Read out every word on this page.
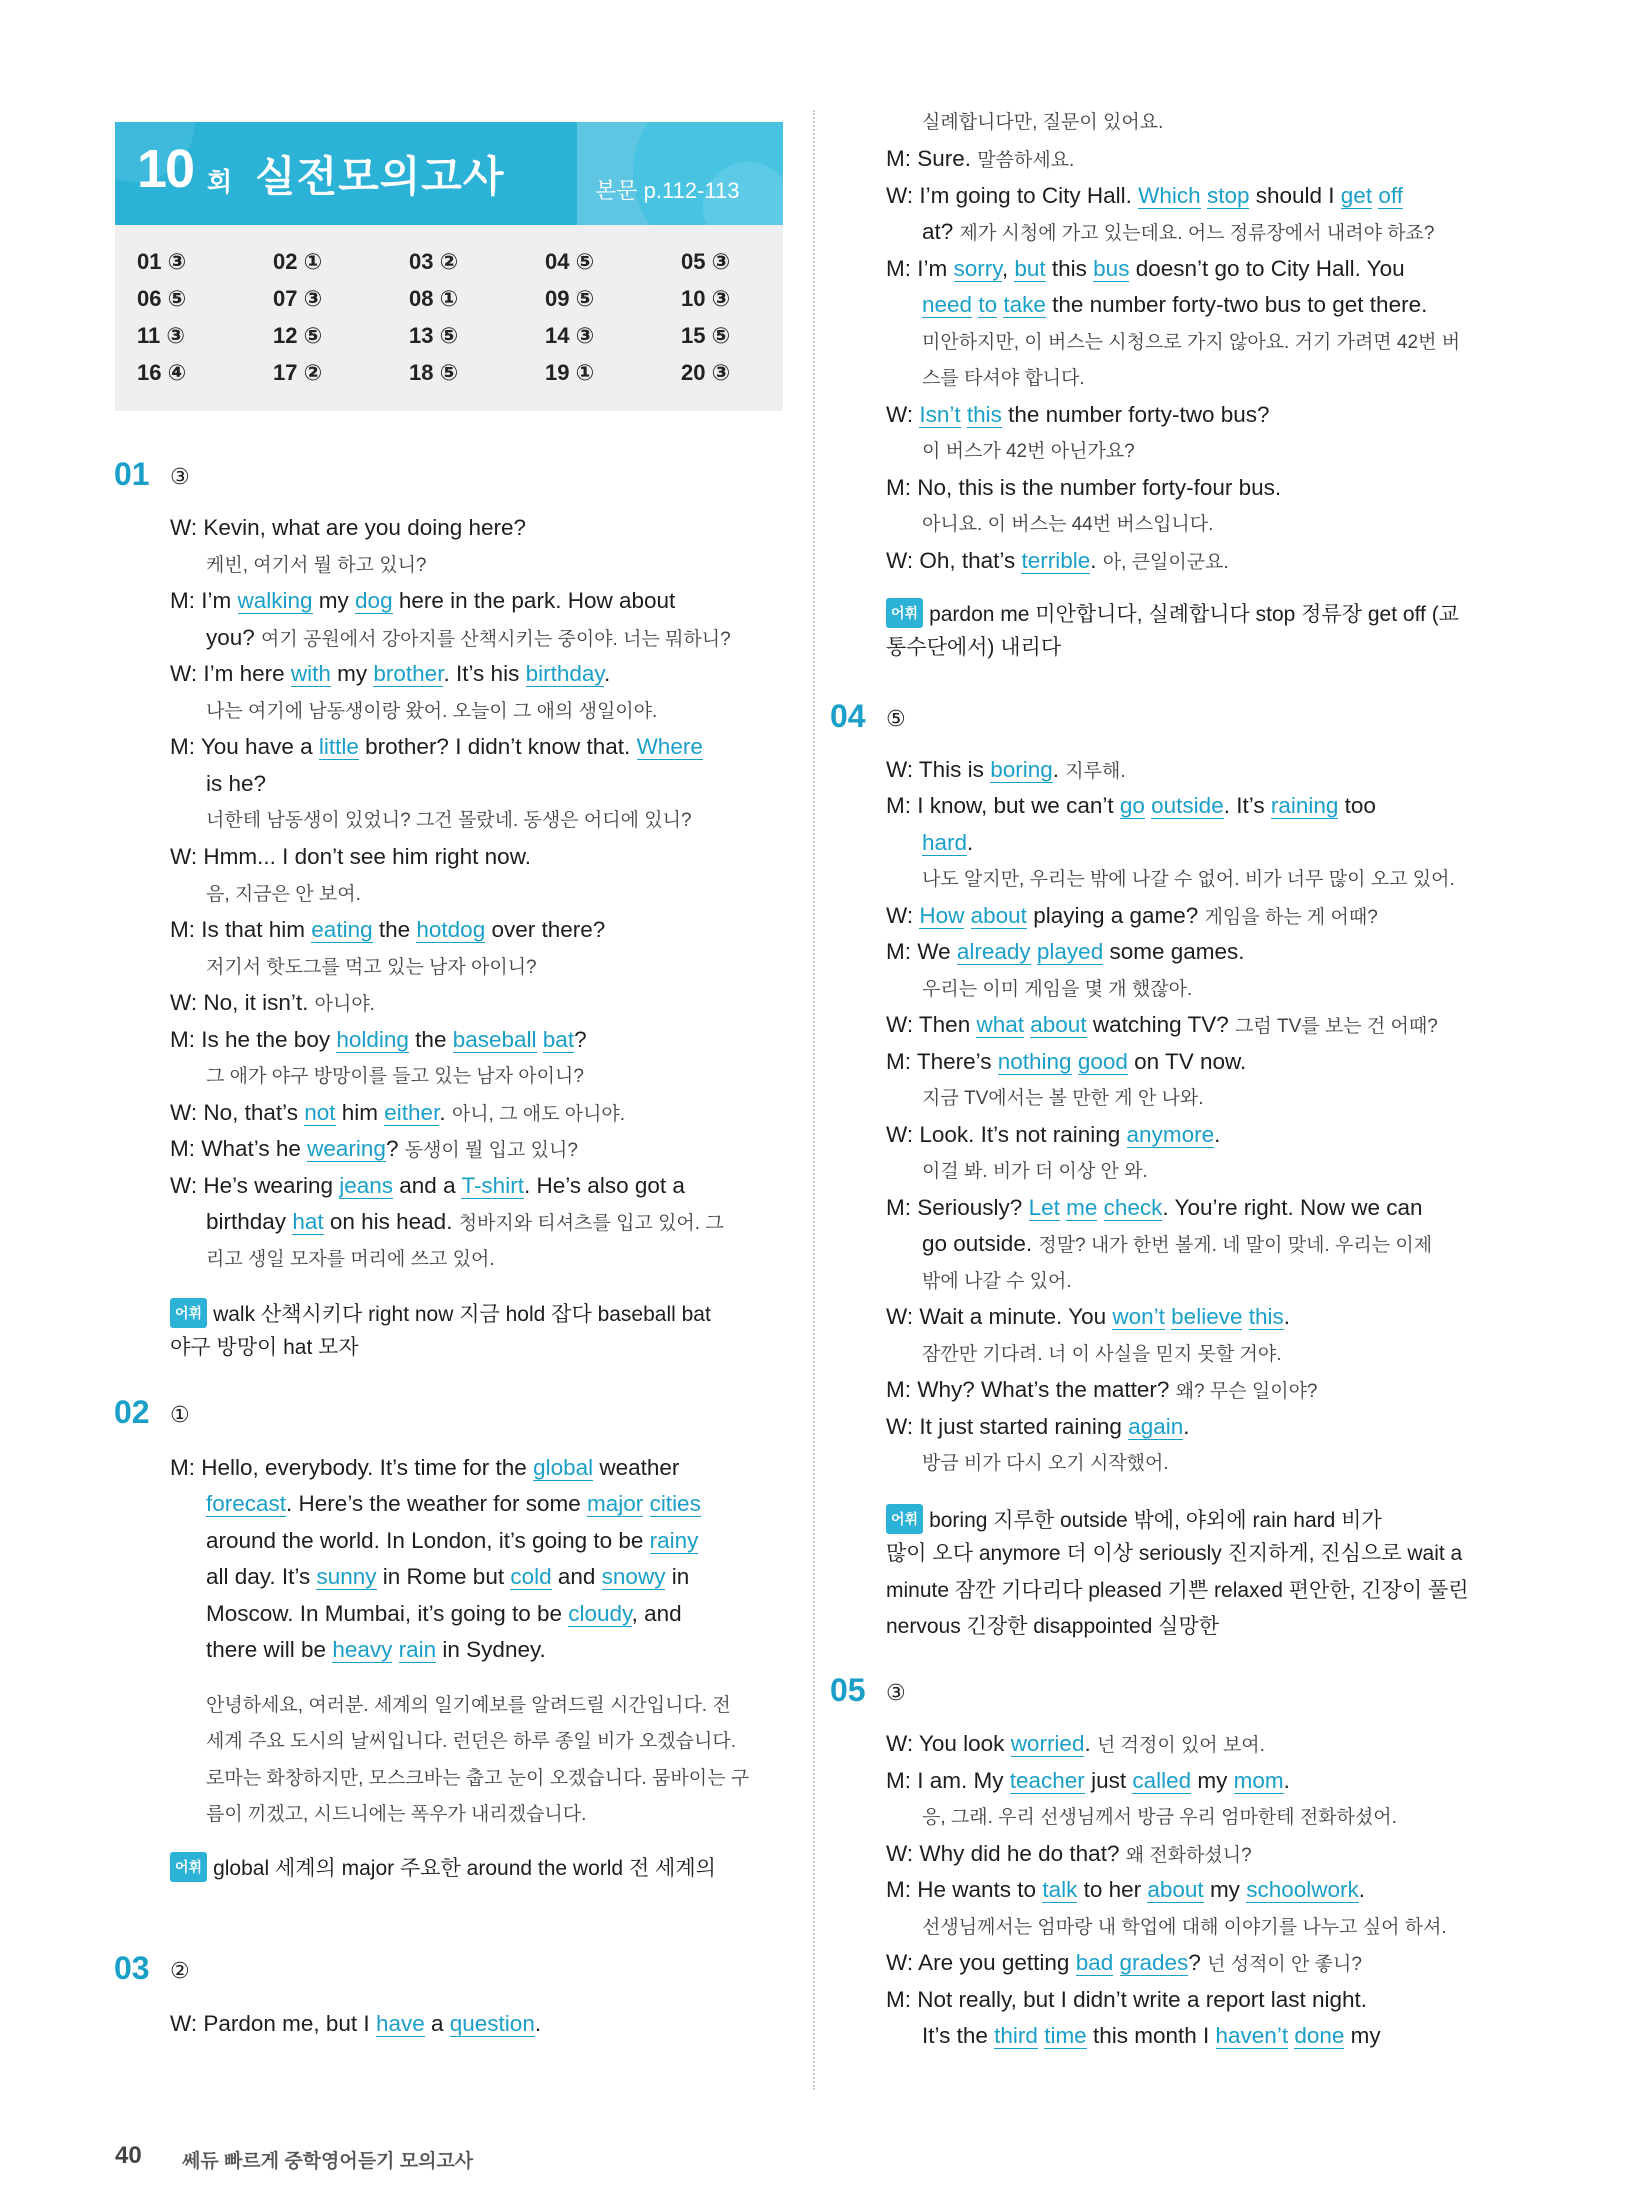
10 회 실전모의고사	본문 p.112-113
01 ③	02 ①	03 ②	04 ⑤	05 ③
06 ⑤	07 ③	08 ①	09 ⑤	10 ③
11 ③	12 ⑤	13 ⑤	14 ③	15 ⑤
16 ④	17 ②	18 ⑤	19 ①	20 ③
01 ③
W: Kevin, what are you doing here?
케빈, 여기서 뭘 하고 있니?
M: I’m walking my dog here in the park. How about
you? 여기 공원에서 강아지를 산책시키는 중이야. 너는 뭐하니?
W: I’m here with my brother. It’s his birthday.
나는 여기에 남동생이랑 왔어. 오늘이 그 애의 생일이야.
M: You have a little brother? I didn’t know that. Where
is he?
너한테 남동생이 있었니? 그건 몰랐네. 동생은 어디에 있니?
W: Hmm... I don’t see him right now.
음, 지금은 안 보여.
M: Is that him eating the hotdog over there?
저기서 핫도그를 먹고 있는 남자 아이니?
W: No, it isn’t. 아니야.
M: Is he the boy holding the baseball bat?
그 애가 야구 방망이를 들고 있는 남자 아이니?
W: No, that’s not him either. 아니, 그 애도 아니야.
M: What’s he wearing? 동생이 뭘 입고 있니?
W: He’s wearing jeans and a T-shirt. He’s also got a
birthday hat on his head. 청바지와 티셔츠를 입고 있어. 그
리고 생일 모자를 머리에 쓰고 있어.
어휘 walk 산책시키다 right now 지금 hold 잡다 baseball bat
야구 방망이 hat 모자
02 ①
M: Hello, everybody. It’s time for the global weather
forecast. Here’s the weather for some major cities
around the world. In London, it’s going to be rainy
all day. It’s sunny in Rome but cold and snowy in
Moscow. In Mumbai, it’s going to be cloudy, and
there will be heavy rain in Sydney.
안녕하세요, 여러분. 세계의 일기예보를 알려드릴 시간입니다. 전
세계 주요 도시의 날씨입니다. 런던은 하루 종일 비가 오겠습니다.
로마는 화창하지만, 모스크바는 춥고 눈이 오겠습니다. 뭄바이는 구
름이 끼겠고, 시드니에는 폭우가 내리겠습니다.
어휘 global 세계의 major 주요한 around the world 전 세계의
03 ②
W: Pardon me, but I have a question.
실례합니다만, 질문이 있어요.
M: Sure. 말씀하세요.
W: I’m going to City Hall. Which stop should I get off
at? 제가 시청에 가고 있는데요. 어느 정류장에서 내려야 하죠?
M: I’m sorry, but this bus doesn’t go to City Hall. You
need to take the number forty-two bus to get there.
미안하지만, 이 버스는 시청으로 가지 않아요. 거기 가려면 42번 버
스를 타셔야 합니다.
W: Isn’t this the number forty-two bus?
이 버스가 42번 아닌가요?
M: No, this is the number forty-four bus.
아니요. 이 버스는 44번 버스입니다.
W: Oh, that’s terrible. 아, 큰일이군요.
어휘 pardon me 미안합니다, 실례합니다 stop 정류장 get off (교
통수단에서) 내리다
04 ⑤
W: This is boring. 지루해.
M: I know, but we can’t go outside. It’s raining too
hard.
나도 알지만, 우리는 밖에 나갈 수 없어. 비가 너무 많이 오고 있어.
W: How about playing a game? 게임을 하는 게 어때?
M: We already played some games.
우리는 이미 게임을 몇 개 했잖아.
W: Then what about watching TV? 그럼 TV를 보는 건 어때?
M: There’s nothing good on TV now.
지금 TV에서는 볼 만한 게 안 나와.
W: Look. It’s not raining anymore.
이걸 봐. 비가 더 이상 안 와.
M: Seriously? Let me check. You’re right. Now we can
go outside. 정말? 내가 한번 볼게. 네 말이 맞네. 우리는 이제
밖에 나갈 수 있어.
W: Wait a minute. You won’t believe this.
잠깐만 기다려. 너 이 사실을 믿지 못할 거야.
M: Why? What’s the matter? 왜? 무슨 일이야?
W: It just started raining again.
방금 비가 다시 오기 시작했어.
어휘 boring 지루한 outside 밖에, 야외에 rain hard 비가
많이 오다 anymore 더 이상 seriously 진지하게, 진심으로 wait a
minute 잠깐 기다리다 pleased 기쁜 relaxed 편안한, 긴장이 풀린
nervous 긴장한 disappointed 실망한
05 ③
W: You look worried. 넌 걱정이 있어 보여.
M: I am. My teacher just called my mom.
응, 그래. 우리 선생님께서 방금 우리 엄마한테 전화하셨어.
W: Why did he do that? 왜 전화하셨니?
M: He wants to talk to her about my schoolwork.
선생님께서는 엄마랑 내 학업에 대해 이야기를 나누고 싶어 하셔.
W: Are you getting bad grades? 넌 성적이 안 좋니?
M: Not really, but I didn’t write a report last night.
It’s the third time this month I haven’t done my
40 쎄듀 빠르게 중학영어듣기 모의고사
